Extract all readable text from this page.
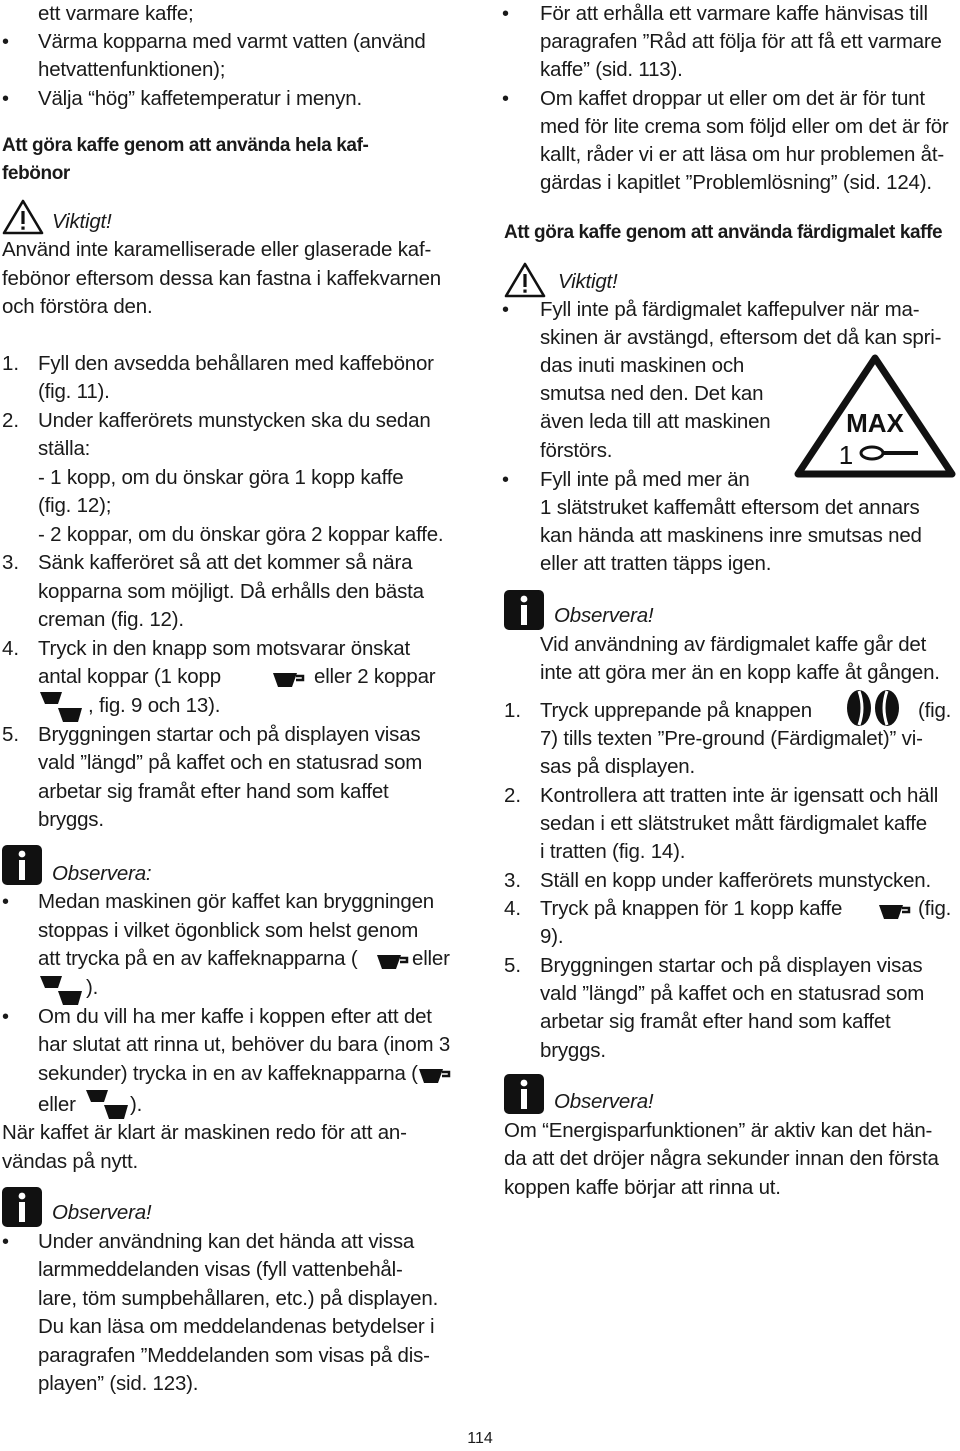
ett varmare kaffe;
• Värma kopparna med varmt vatten (använd
hetvattenfunktionen);
• Välja “hög” kaffetemperatur i menyn.
Att göra kaffe genom att använda hela kaf-
febönor
Viktigt!
Använd inte karamelliserade eller glaserade kaf-
febönor eftersom dessa kan fastna i kaffekvarnen
och förstöra den.
1. Fyll den avsedda behållaren med kaffebönor
(fig. 11).
2. Under kafferörets munstycken ska du sedan
ställa:
- 1 kopp, om du önskar göra 1 kopp kaffe
(fig. 12);
- 2 koppar, om du önskar göra 2 koppar kaffe.
3. Sänk kafferöret så att det kommer så nära
kopparna som möjligt. Då erhålls den bästa
creman (fig. 12).
4. Tryck in den knapp som motsvarar önskat
antal koppar (1 kopp	eller 2 koppar
, fig. 9 och 13).
5. Bryggningen startar och på displayen visas
vald ”längd” på kaffet och en statusrad som
arbetar sig framåt efter hand som kaffet
bryggs.
Observera:
• Medan maskinen gör kaffet kan bryggningen
stoppas i vilket ögonblick som helst genom
att trycka på en av kaffeknapparna (	eller
).
• Om du vill ha mer kaffe i koppen efter att det
har slutat att rinna ut, behöver du bara (inom 3
sekunder) trycka in en av kaffeknapparna (
eller	).
När kaffet är klart är maskinen redo för att an-
vändas på nytt.
Observera!
• Under användning kan det hända att vissa
larmmeddelanden visas (fyll vattenbehål-
lare, töm sumpbehållaren, etc.) på displayen.
Du kan läsa om meddelandenas betydelser i
paragrafen ”Meddelanden som visas på dis-
playen” (sid. 123).
• För att erhålla ett varmare kaffe hänvisas till
paragrafen ”Råd att följa för att få ett varmare
kaffe” (sid. 113).
• Om kaffet droppar ut eller om det är för tunt
med för lite crema som följd eller om det är för
kallt, råder vi er att läsa om hur problemen åt-
gärdas i kapitlet ”Problemlösning” (sid. 124).
Att göra kaffe genom att använda färdigmalet kaffe
Viktigt!
• Fyll inte på färdigmalet kaffepulver när ma-
skinen är avstängd, eftersom det då kan spri-
das inuti maskinen och
smutsa ned den. Det kan
även leda till att maskinen
förstörs.
• Fyll inte på med mer än
1 slätstruket kaffemått eftersom det annars
kan hända att maskinens inre smutsas ned
eller att tratten täpps igen.
MAX
1
Observera!
Vid användning av färdigmalet kaffe går det
inte att göra mer än en kopp kaffe åt gången.
1. Tryck upprepande på knappen	(fig.
7) tills texten ”Pre-ground (Färdigmalet)” vi-
sas på displayen.
2. Kontrollera att tratten inte är igensatt och häll
sedan i ett slätstruket mått färdigmalet kaffe
i tratten (fig. 14).
3. Ställ en kopp under kafferörets munstycken.
4. Tryck på knappen för 1 kopp kaffe	(fig.
9).
5. Bryggningen startar och på displayen visas
vald ”längd” på kaffet och en statusrad som
arbetar sig framåt efter hand som kaffet
bryggs.
Observera!
Om “Energisparfunktionen” är aktiv kan det hän-
da att det dröjer några sekunder innan den första
koppen kaffe börjar att rinna ut.
114
